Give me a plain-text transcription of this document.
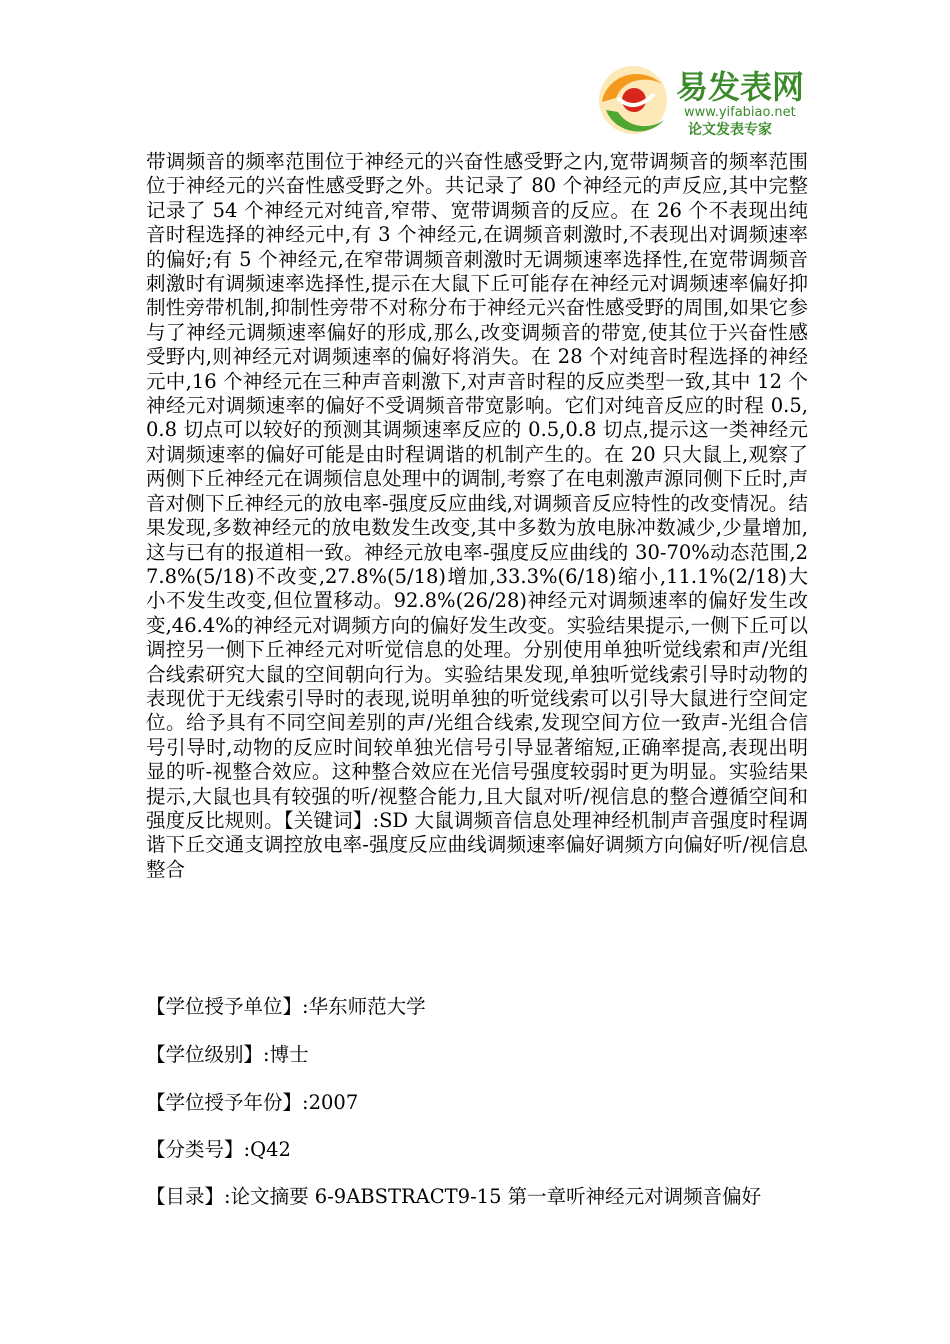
易发表网
www.yifabiao.net
论文发表专家

带调频音的频率范围位于神经元的兴奋性感受野之内,宽带调频音的频率范围位于神经元的兴奋性感受野之外。共记录了 80 个神经元的声反应,其中完整记录了 54 个神经元对纯音,窄带、宽带调频音的反应。在 26 个不表现出纯音时程选择的神经元中,有 3 个神经元,在调频音刺激时,不表现出对调频速率的偏好;有 5 个神经元,在窄带调频音刺激时无调频速率选择性,在宽带调频音刺激时有调频速率选择性,提示在大鼠下丘可能存在神经元对调频速率偏好抑制性旁带机制,抑制性旁带不对称分布于神经元兴奋性感受野的周围,如果它参与了神经元调频速率偏好的形成,那么,改变调频音的带宽,使其位于兴奋性感受野内,则神经元对调频速率的偏好将消失。在 28 个对纯音时程选择的神经元中,16 个神经元在三种声音刺激下,对声音时程的反应类型一致,其中 12 个神经元对调频速率的偏好不受调频音带宽影响。它们对纯音反应的时程 0.5,0.8 切点可以较好的预测其调频速率反应的 0.5,0.8 切点,提示这一类神经元对调频速率的偏好可能是由时程调谐的机制产生的。在 20 只大鼠上,观察了两侧下丘神经元在调频信息处理中的调制,考察了在电刺激声源同侧下丘时,声音对侧下丘神经元的放电率-强度反应曲线,对调频音反应特性的改变情况。结果发现,多数神经元的放电数发生改变,其中多数为放电脉冲数减少,少量增加,这与已有的报道相一致。神经元放电率-强度反应曲线的 30-70%动态范围,27.8%(5/18)不改变,27.8%(5/18)增加,33.3%(6/18)缩小,11.1%(2/18)大小不发生改变,但位置移动。92.8%(26/28)神经元对调频速率的偏好发生改变,46.4%的神经元对调频方向的偏好发生改变。实验结果提示,一侧下丘可以调控另一侧下丘神经元对听觉信息的处理。分别使用单独听觉线索和声/光组合线索研究大鼠的空间朝向行为。实验结果发现,单独听觉线索引导时动物的表现优于无线索引导时的表现,说明单独的听觉线索可以引导大鼠进行空间定位。给予具有不同空间差别的声/光组合线索,发现空间方位一致声-光组合信号引导时,动物的反应时间较单独光信号引导显著缩短,正确率提高,表现出明显的听-视整合效应。这种整合效应在光信号强度较弱时更为明显。实验结果提示,大鼠也具有较强的听/视整合能力,且大鼠对听/视信息的整合遵循空间和强度反比规则。【关键词】:SD 大鼠调频音信息处理神经机制声音强度时程调谐下丘交通支调控放电率-强度反应曲线调频速率偏好调频方向偏好听/视信息整合

【学位授予单位】:华东师范大学
【学位级别】:博士
【学位授予年份】:2007
【分类号】:Q42
【目录】:论文摘要 6-9ABSTRACT9-15 第一章听神经元对调频音偏好
